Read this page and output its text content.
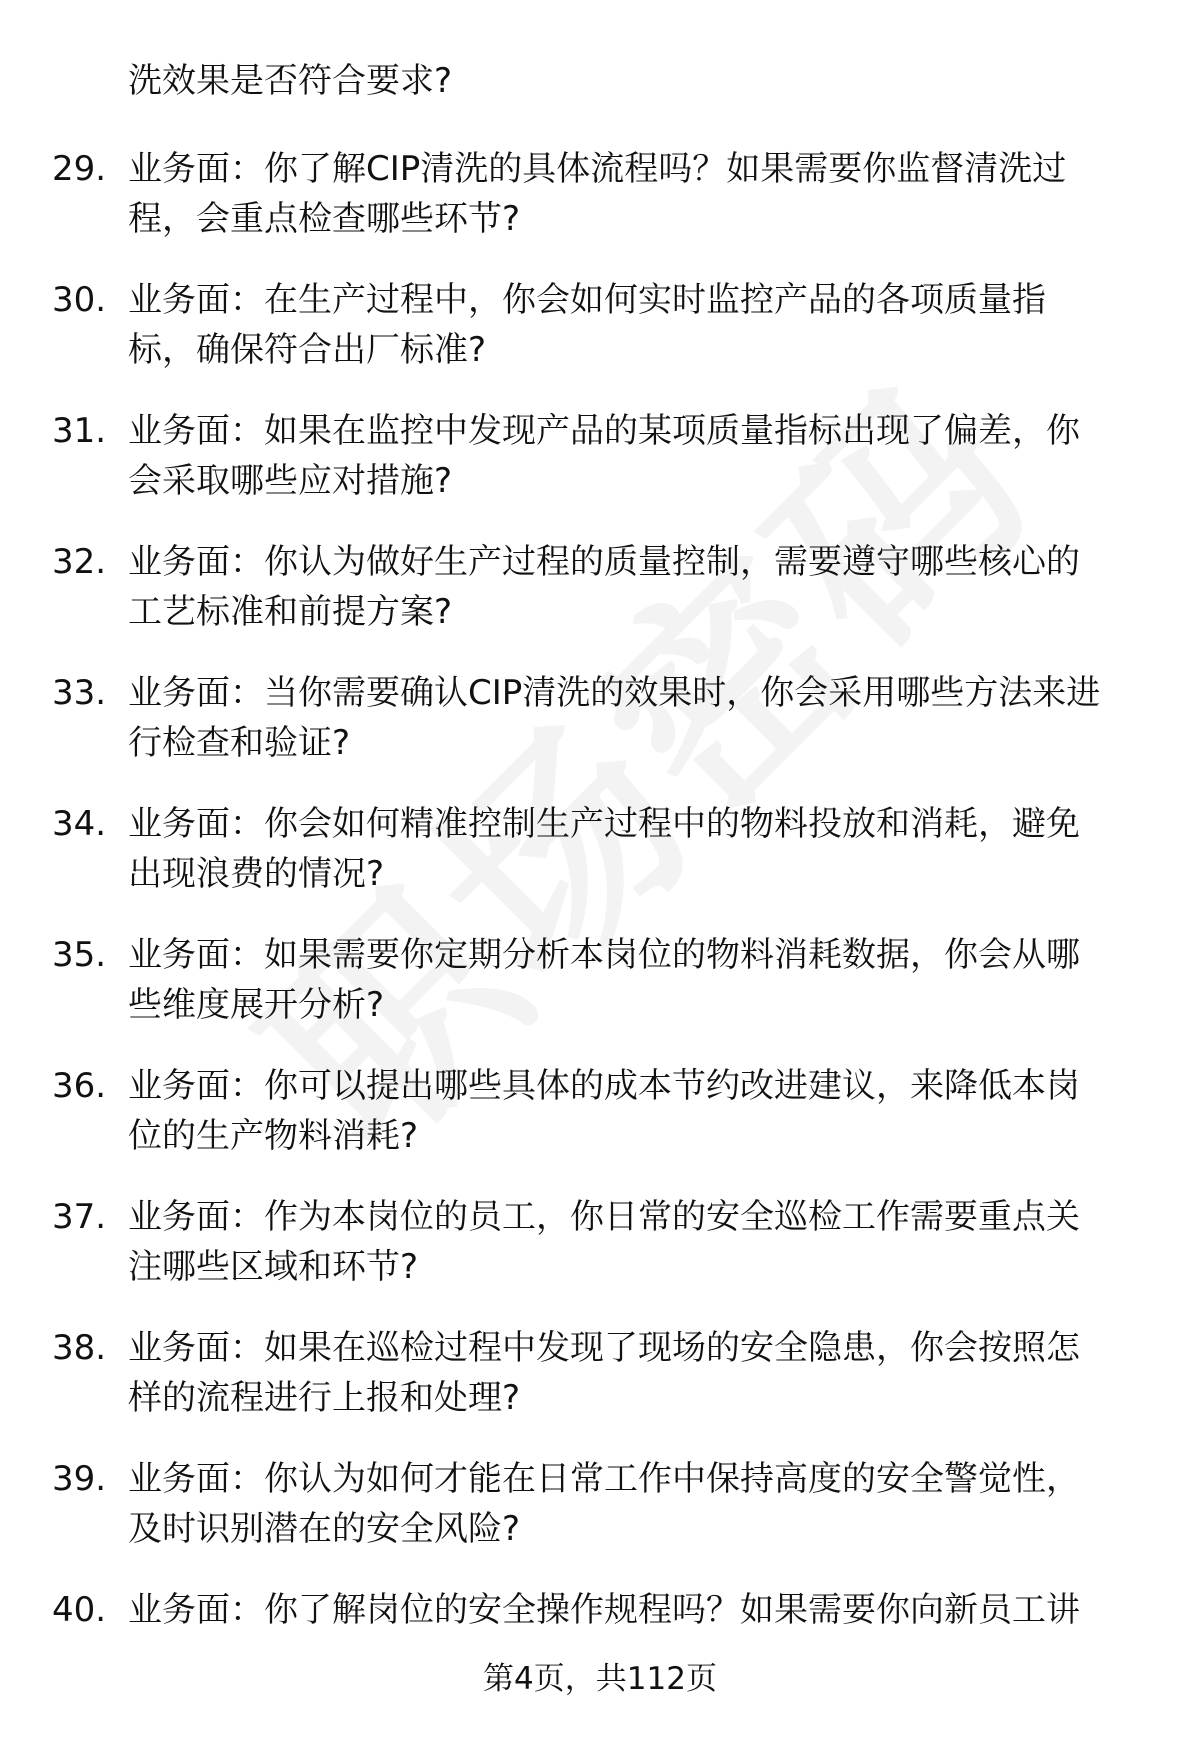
洗效果是否符合要求?
29. 业务面：你了解CIP清洗的具体流程吗？如果需要你监督清洗过
程，会重点检查哪些环节?
30. 业务面：在生产过程中，你会如何实时监控产品的各项质量指
标，确保符合出厂标准?
31. 业务面：如果在监控中发现产品的某项质量指标出现了偏差，你
会采取哪些应对措施?
32. 业务面：你认为做好生产过程的质量控制，需要遵守哪些核心的
工艺标准和前提方案?
33. 业务面：当你需要确认CIP清洗的效果时，你会采用哪些方法来进
行检查和验证?
34. 业务面：你会如何精准控制生产过程中的物料投放和消耗，避免
出现浪费的情况?
35. 业务面：如果需要你定期分析本岗位的物料消耗数据，你会从哪
些维度展开分析?
36. 业务面：你可以提出哪些具体的成本节约改进建议，来降低本岗
位的生产物料消耗?
37. 业务面：作为本岗位的员工，你日常的安全巡检工作需要重点关
注哪些区域和环节?
38. 业务面：如果在巡检过程中发现了现场的安全隐患，你会按照怎
样的流程进行上报和处理?
39. 业务面：你认为如何才能在日常工作中保持高度的安全警觉性，
及时识别潜在的安全风险?
40. 业务面：你了解岗位的安全操作规程吗？如果需要你向新员工讲
第4页，共112页
